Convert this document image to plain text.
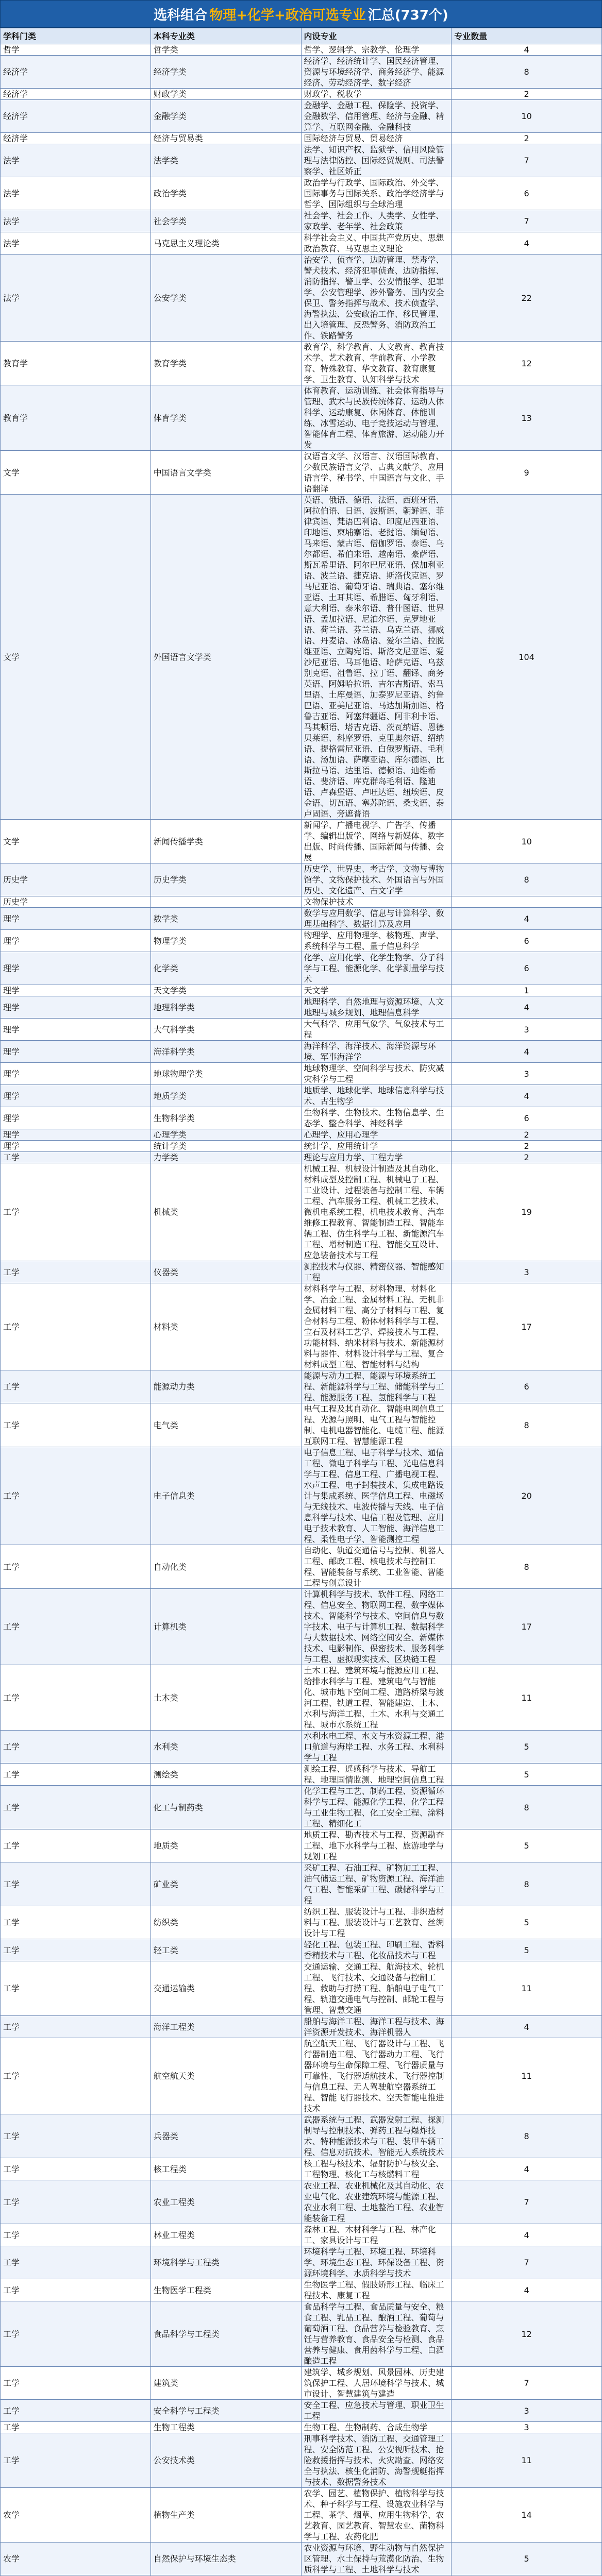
选科组合 物理+化学+政治可选专业 汇总(737个)
学科门类	本科专业类	内设专业	专业数量
哲学	哲学类	哲学、逻辑学、宗教学、伦理学	4
经济学	经济学类	经济学、经济统计学、国民经济管理、资源与环境经济学、商务经济学、能源经济、劳动经济学、数字经济	8
经济学	财政学类	财政学、税收学	2
经济学	金融学类	金融学、金融工程、保险学、投资学、金融数学、信用管理、经济与金融、精算学、互联网金融、金融科技	10
经济学	经济与贸易类	国际经济与贸易、贸易经济	2
法学	法学类	法学、知识产权、监狱学、信用风险管理与法律防控、国际经贸规则、司法警察学、社区矫正	7
法学	政治学类	政治学与行政学、国际政治、外交学、国际事务与国际关系、政治学经济学与哲学、国际组织与全球治理	6
法学	社会学类	社会学、社会工作、人类学、女性学、家政学、老年学、社会政策	7
法学	马克思主义理论类	科学社会主义、中国共产党历史、思想政治教育、马克思主义理论	4
法学	公安学类	治安学、侦查学、边防管理、禁毒学、警犬技术、经济犯罪侦查、边防指挥、消防指挥、警卫学、公安情报学、犯罪学、公安管理学、涉外警务、国内安全保卫、警务指挥与战术、技术侦查学、海警执法、公安政治工作、移民管理、出入境管理、反恐警务、消防政治工作、铁路警务	22
教育学	教育学类	教育学、科学教育、人文教育、教育技术学、艺术教育、学前教育、小学教育、特殊教育、华文教育、教育康复学、卫生教育、认知科学与技术	12
教育学	体育学类	体育教育、运动训练、社会体育指导与管理、武术与民族传统体育、运动人体科学、运动康复、休闲体育、体能训练、冰雪运动、电子竞技运动与管理、智能体育工程、体育旅游、运动能力开发	13
文学	中国语言文学类	汉语言文学、汉语言、汉语国际教育、少数民族语言文学、古典文献学、应用语言学、秘书学、中国语言与文化、手语翻译	9
文学	外国语言文学类	英语、俄语、德语、法语、西班牙语、阿拉伯语、日语、波斯语、朝鲜语、菲律宾语、梵语巴利语、印度尼西亚语、印地语、柬埔寨语、老挝语、缅甸语、马来语、蒙古语、僧伽罗语、泰语、乌尔都语、希伯来语、越南语、豪萨语、斯瓦希里语、阿尔巴尼亚语、保加利亚语、波兰语、捷克语、斯洛伐克语、罗马尼亚语、葡萄牙语、瑞典语、塞尔维亚语、土耳其语、希腊语、匈牙利语、意大利语、泰米尔语、普什图语、世界语、孟加拉语、尼泊尔语、克罗地亚语、荷兰语、芬兰语、乌克兰语、挪威语、丹麦语、冰岛语、爱尔兰语、拉脱维亚语、立陶宛语、斯洛文尼亚语、爱沙尼亚语、马耳他语、哈萨克语、乌兹别克语、祖鲁语、拉丁语、翻译、商务英语、阿姆哈拉语、吉尔吉斯语、索马里语、土库曼语、加泰罗尼亚语、约鲁巴语、亚美尼亚语、马达加斯加语、格鲁吉亚语、阿塞拜疆语、阿非利卡语、马其顿语、塔吉克语、茨瓦纳语、恩德贝莱语、科摩罗语、克里奥尔语、绍纳语、提格雷尼亚语、白俄罗斯语、毛利语、汤加语、萨摩亚语、库尔德语、比斯拉马语、达里语、德顿语、迪维希语、斐济语、库克群岛毛利语、隆迪语、卢森堡语、卢旺达语、纽埃语、皮金语、切瓦语、塞苏陀语、桑戈语、泰卢固语、旁遮普语	104
文学	新闻传播学类	新闻学、广播电视学、广告学、传播学、编辑出版学、网络与新媒体、数字出版、时尚传播、国际新闻与传播、会展	10
历史学	历史学类	历史学、世界史、考古学、文物与博物馆学、文物保护技术、外国语言与外国历史、文化遗产、古文字学	8
历史学		文物保护技术	
理学	数学类	数学与应用数学、信息与计算科学、数理基础科学、数据计算及应用	4
理学	物理学类	物理学、应用物理学、核物理、声学、系统科学与工程、量子信息科学	6
理学	化学类	化学、应用化学、化学生物学、分子科学与工程、能源化学、化学测量学与技术	6
理学	天文学类	天文学	1
理学	地理科学类	地理科学、自然地理与资源环境、人文地理与城乡规划、地理信息科学	4
理学	大气科学类	大气科学、应用气象学、气象技术与工程	3
理学	海洋科学类	海洋科学、海洋技术、海洋资源与环境、军事海洋学	4
理学	地球物理学类	地球物理学、空间科学与技术、防灾减灾科学与工程	3
理学	地质学类	地质学、地球化学、地球信息科学与技术、古生物学	4
理学	生物科学类	生物科学、生物技术、生物信息学、生态学、整合科学、神经科学	6
理学	心理学类	心理学、应用心理学	2
理学	统计学类	统计学、应用统计学	2
工学	力学类	理论与应用力学、工程力学	2
工学	机械类	机械工程、机械设计制造及其自动化、材料成型及控制工程、机械电子工程、工业设计、过程装备与控制工程、车辆工程、汽车服务工程、机械工艺技术、微机电系统工程、机电技术教育、汽车维修工程教育、智能制造工程、智能车辆工程、仿生科学与工程、新能源汽车工程、增材制造工程、智能交互设计、应急装备技术与工程	19
工学	仪器类	测控技术与仪器、精密仪器、智能感知工程	3
工学	材料类	材料科学与工程、材料物理、材料化学、冶金工程、金属材料工程、无机非金属材料工程、高分子材料与工程、复合材料与工程、粉体材料科学与工程、宝石及材料工艺学、焊接技术与工程、功能材料、纳米材料与技术、新能源材料与器件、材料设计科学与工程、复合材料成型工程、智能材料与结构	17
工学	能源动力类	能源与动力工程、能源与环境系统工程、新能源科学与工程、储能科学与工程、能源服务工程、氢能科学与工程	6
工学	电气类	电气工程及其自动化、智能电网信息工程、光源与照明、电气工程与智能控制、电机电器智能化、电缆工程、能源互联网工程、智慧能源工程	8
工学	电子信息类	电子信息工程、电子科学与技术、通信工程、微电子科学与工程、光电信息科学与工程、信息工程、广播电视工程、水声工程、电子封装技术、集成电路设计与集成系统、医学信息工程、电磁场与无线技术、电波传播与天线、电子信息科学与技术、电信工程及管理、应用电子技术教育、人工智能、海洋信息工程、柔性电子学、智能测控工程	20
工学	自动化类	自动化、轨道交通信号与控制、机器人工程、邮政工程、核电技术与控制工程、智能装备与系统、工业智能、智能工程与创意设计	8
工学	计算机类	计算机科学与技术、软件工程、网络工程、信息安全、物联网工程、数字媒体技术、智能科学与技术、空间信息与数字技术、电子与计算机工程、数据科学与大数据技术、网络空间安全、新媒体技术、电影制作、保密技术、服务科学与工程、虚拟现实技术、区块链工程	17
工学	土木类	土木工程、建筑环境与能源应用工程、给排水科学与工程、建筑电气与智能化、城市地下空间工程、道路桥梁与渡河工程、铁道工程、智能建造、土木、水利与海洋工程、土木、水利与交通工程、城市水系统工程	11
工学	水利类	水利水电工程、水文与水资源工程、港口航道与海岸工程、水务工程、水利科学与工程	5
工学	测绘类	测绘工程、遥感科学与技术、导航工程、地理国情监测、地理空间信息工程	5
工学	化工与制药类	化学工程与工艺、制药工程、资源循环科学与工程、能源化学工程、化学工程与工业生物工程、化工安全工程、涂料工程、精细化工	8
工学	地质类	地质工程、勘查技术与工程、资源勘查工程、地下水科学与工程、旅游地学与规划工程	5
工学	矿业类	采矿工程、石油工程、矿物加工工程、油气储运工程、矿物资源工程、海洋油气工程、智能采矿工程、碳储科学与工程	8
工学	纺织类	纺织工程、服装设计与工程、非织造材料与工程、服装设计与工艺教育、丝绸设计与工程	5
工学	轻工类	轻化工程、包装工程、印刷工程、香料香精技术与工程、化妆品技术与工程	5
工学	交通运输类	交通运输、交通工程、航海技术、轮机工程、飞行技术、交通设备与控制工程、救助与打捞工程、船舶电子电气工程、轨道交通电气与控制、邮轮工程与管理、智慧交通	11
工学	海洋工程类	船舶与海洋工程、海洋工程与技术、海洋资源开发技术、海洋机器人	4
工学	航空航天类	航空航天工程、飞行器设计与工程、飞行器制造工程、飞行器动力工程、飞行器环境与生命保障工程、飞行器质量与可靠性、飞行器适航技术、飞行器控制与信息工程、无人驾驶航空器系统工程、智能飞行器技术、空天智能电推进技术	11
工学	兵器类	武器系统与工程、武器发射工程、探测制导与控制技术、弹药工程与爆炸技术、特种能源技术与工程、装甲车辆工程、信息对抗技术、智能无人系统技术	8
工学	核工程类	核工程与核技术、辐射防护与核安全、工程物理、核化工与核燃料工程	4
工学	农业工程类	农业工程、农业机械化及其自动化、农业电气化、农业建筑环境与能源工程、农业水利工程、土地整治工程、农业智能装备工程	7
工学	林业工程类	森林工程、木材科学与工程、林产化工、家具设计与工程	4
工学	环境科学与工程类	环境科学与工程、环境工程、环境科学、环境生态工程、环保设备工程、资源环境科学、水质科学与技术	7
工学	生物医学工程类	生物医学工程、假肢矫形工程、临床工程技术、康复工程	4
工学	食品科学与工程类	食品科学与工程、食品质量与安全、粮食工程、乳品工程、酿酒工程、葡萄与葡萄酒工程、食品营养与检验教育、烹饪与营养教育、食品安全与检测、食品营养与健康、食用菌科学与工程、白酒酿造工程	12
工学	建筑类	建筑学、城乡规划、风景园林、历史建筑保护工程、人居环境科学与技术、城市设计、智慧建筑与建造	7
工学	安全科学与工程类	安全工程、应急技术与管理、职业卫生工程	3
工学	生物工程类	生物工程、生物制药、合成生物学	3
工学	公安技术类	刑事科学技术、消防工程、交通管理工程、安全防范工程、公安视听技术、抢险救援指挥与技术、火灾勘查、网络安全与执法、核生化消防、海警舰艇指挥与技术、数据警务技术	11
农学	植物生产类	农学、园艺、植物保护、植物科学与技术、种子科学与工程、设施农业科学与工程、茶学、烟草、应用生物科学、农艺教育、园艺教育、智慧农业、菌物科学与工程、农药化肥	14
农学	自然保护与环境生态类	农业资源与环境、野生动物与自然保护区管理、水土保持与荒漠化防治、生物质科学与工程、土地科学与技术	5
